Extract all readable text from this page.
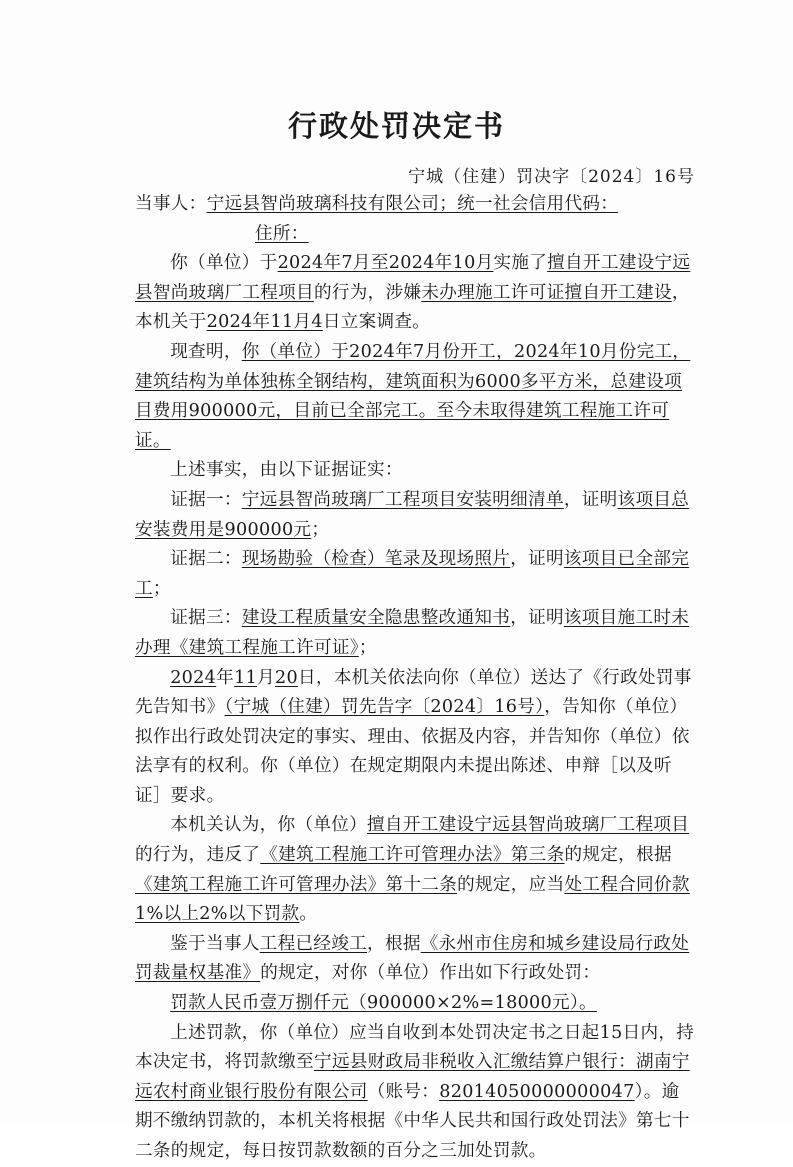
行政处罚决定书
宁城（住建）罚决字〔2024〕16号

当事人：宁远县智尚玻璃科技有限公司；统一社会信用代码：

住所：

你（单位）于2024年7月至2024年10月实施了擅自开工建设宁远县智尚玻璃厂工程项目的行为，涉嫌未办理施工许可证擅自开工建设，本机关于2024年11月4日立案调查。

现查明，你（单位）于2024年7月份开工，2024年10月份完工，建筑结构为单体独栋全钢结构，建筑面积为6000多平方米，总建设项目费用900000元，目前已全部完工。至今未取得建筑工程施工许可证。

上述事实，由以下证据证实：

证据一：宁远县智尚玻璃厂工程项目安装明细清单，证明该项目总安装费用是900000元；

证据二：现场勘验（检查）笔录及现场照片，证明该项目已全部完工；

证据三：建设工程质量安全隐患整改通知书，证明该项目施工时未办理《建筑工程施工许可证》；

2024年11月20日，本机关依法向你（单位）送达了《行政处罚事先告知书》（宁城（住建）罚先告字〔2024〕16号），告知你（单位）拟作出行政处罚决定的事实、理由、依据及内容，并告知你（单位）依法享有的权利。你（单位）在规定期限内未提出陈述、申辩［以及听证］要求。

本机关认为，你（单位）擅自开工建设宁远县智尚玻璃厂工程项目的行为，违反了《建筑工程施工许可管理办法》第三条的规定，根据《建筑工程施工许可管理办法》第十二条的规定，应当处工程合同价款1%以上2%以下罚款。

鉴于当事人工程已经竣工，根据《永州市住房和城乡建设局行政处罚裁量权基准》的规定，对你（单位）作出如下行政处罚：

罚款人民币壹万捌仟元（900000×2%=18000元）。

上述罚款，你（单位）应当自收到本处罚决定书之日起15日内，持本决定书，将罚款缴至宁远县财政局非税收入汇缴结算户银行：湖南宁远农村商业银行股份有限公司（账号：82014050000000047）。逾期不缴纳罚款的，本机关将根据《中华人民共和国行政处罚法》第七十二条的规定，每日按罚款数额的百分之三加处罚款。
